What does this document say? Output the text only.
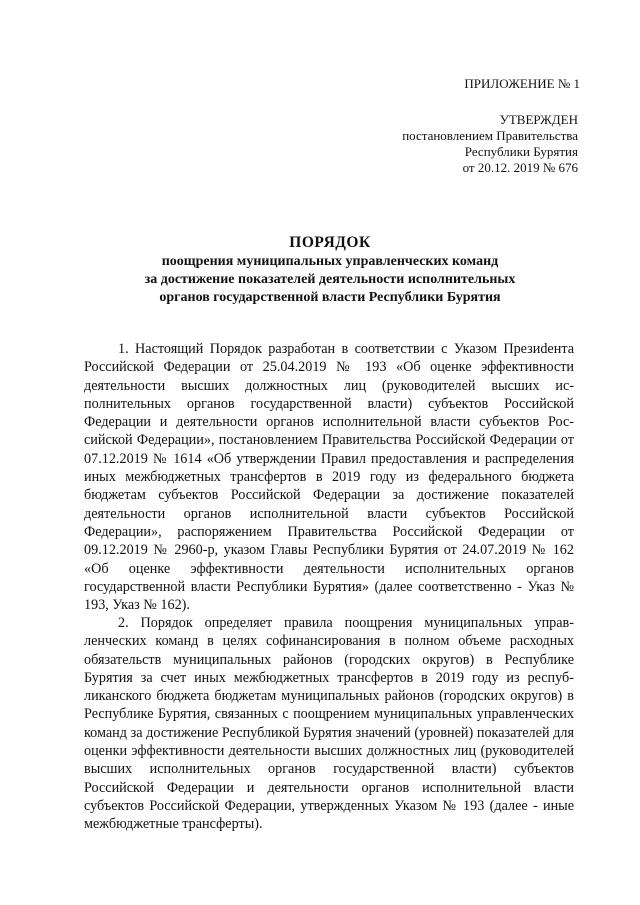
ПРИЛОЖЕНИЕ № 1
УТВЕРЖДЕН
постановлением Правительства
Республики Бурятия
от 20.12. 2019 № 676
ПОРЯДОК
поощрения муниципальных управленческих команд
за достижение показателей деятельности исполнительных
органов государственной власти Республики Бурятия

1. Настоящий Порядок разработан в соответствии с Указом Презиdента Российской Федерации от 25.04.2019 № 193 «Об оценке эффективности деятельности высших должностных лиц (руководителей высших исполнительных органов государственной власти) субъектов Российской Федерации и деятельности органов исполнительной власти субъектов Российской Федерации», постановлением Правительства Российской Федерации от 07.12.2019 № 1614 «Об утверждении Правил предоставления и распределения иных межбюджетных трансфертов в 2019 году из федерального бюджета бюджетам субъектов Российской Федерации за достижение показателей деятельности органов исполнительной власти субъектов Российской Федерации», распоряжением Правительства Российской Федерации от 09.12.2019 № 2960-р, указом Главы Республики Бурятия от 24.07.2019 № 162 «Об оценке эффективности деятельности исполнительных органов государственной власти Республики Бурятия» (далее соответственно - Указ № 193, Указ № 162).

2. Порядок определяет правила поощрения муниципальных управленческих команд в целях софинансирования в полном объеме расходных обязательств муниципальных районов (городских округов) в Республике Бурятия за счет иных межбюджетных трансфертов в 2019 году из республиканского бюджета бюджетам муниципальных районов (городских округов) в Республике Бурятия, связанных с поощрением муниципальных управленческих команд за достижение Республикой Бурятия значений (уровней) показателей для оценки эффективности деятельности высших должностных лиц (руководителей высших исполнительных органов государственной власти) субъектов Российской Федерации и деятельности органов исполнительной власти субъектов Российской Федерации, утвержденных Указом № 193 (далее - иные межбюджетные трансферты).
